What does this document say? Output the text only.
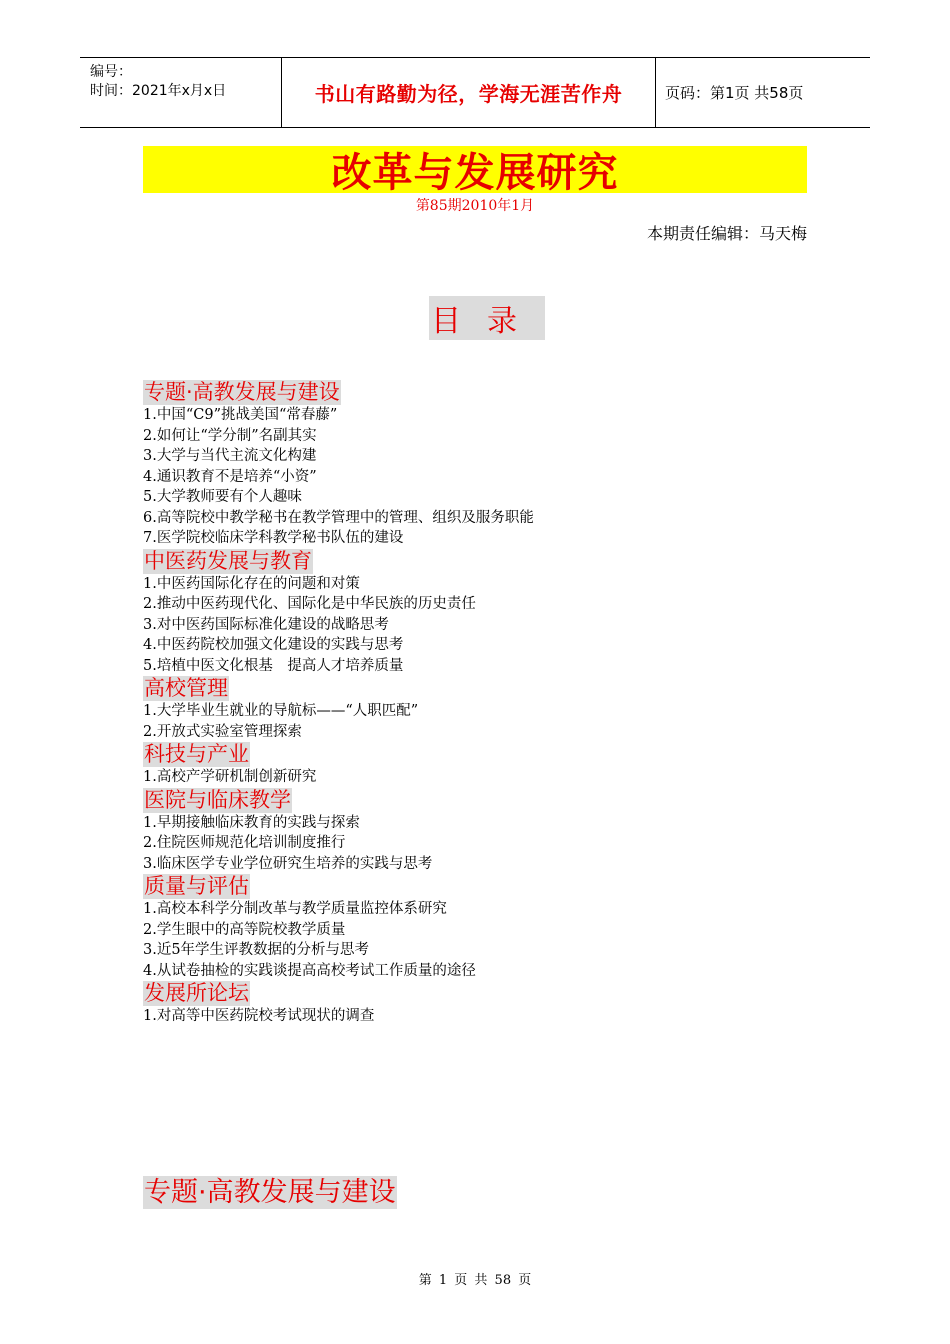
编号：
时间：2021年x月x日	书山有路勤为径，学海无涯苦作舟	页码：第1页 共58页
改革与发展研究
第85期2010年1月
本期责任编辑：马天梅
目录
专题·高教发展与建设
1.中国“C9”挑战美国“常春藤”
2.如何让“学分制”名副其实
3.大学与当代主流文化构建
4.通识教育不是培养“小资”
5.大学教师要有个人趣味
6.高等院校中教学秘书在教学管理中的管理、组织及服务职能
7.医学院校临床学科教学秘书队伍的建设
中医药发展与教育
1.中医药国际化存在的问题和对策
2.推动中医药现代化、国际化是中华民族的历史责任
3.对中医药国际标准化建设的战略思考
4.中医药院校加强文化建设的实践与思考
5.培植中医文化根基　提高人才培养质量
高校管理
1.大学毕业生就业的导航标——“人职匹配”
2.开放式实验室管理探索
科技与产业
1.高校产学研机制创新研究
医院与临床教学
1.早期接触临床教育的实践与探索
2.住院医师规范化培训制度推行
3.临床医学专业学位研究生培养的实践与思考
质量与评估
1.高校本科学分制改革与教学质量监控体系研究
2.学生眼中的高等院校教学质量
3.近5年学生评教数据的分析与思考
4.从试卷抽检的实践谈提高高校考试工作质量的途径
发展所论坛
1.对高等中医药院校考试现状的调查
专题·高教发展与建设
第 1 页 共 58 页
